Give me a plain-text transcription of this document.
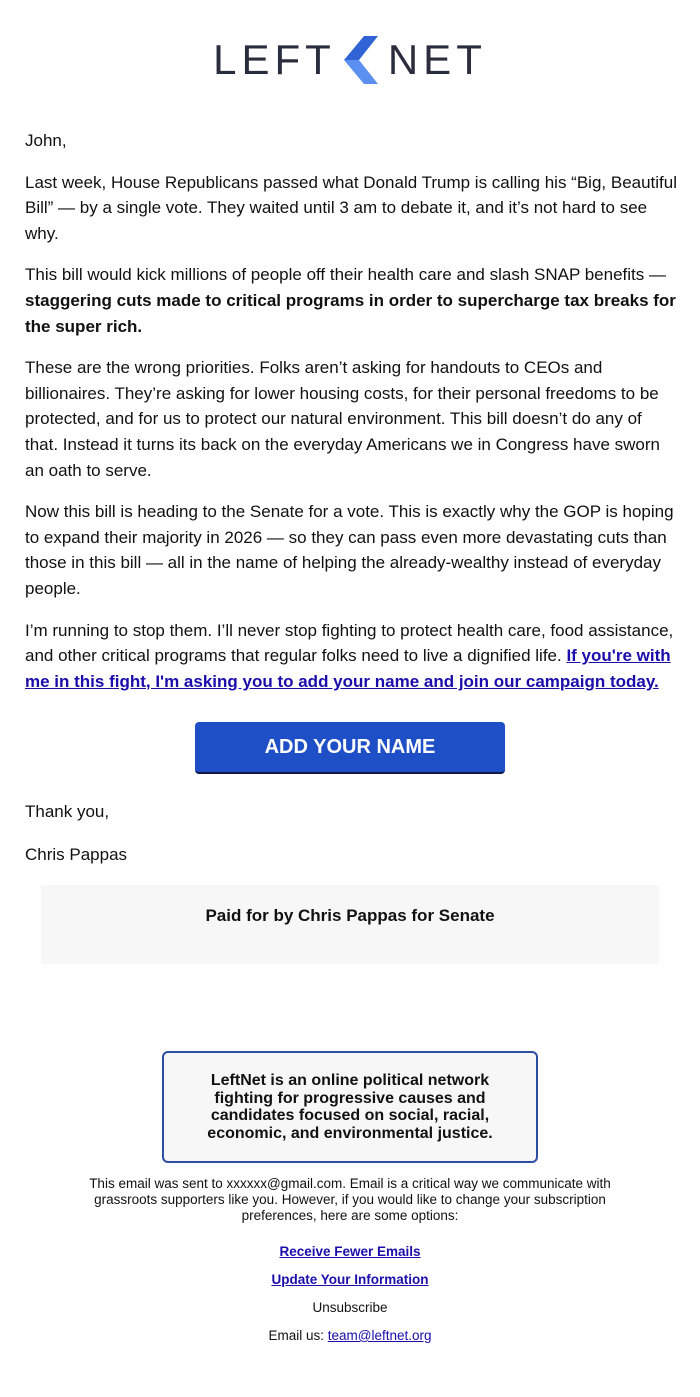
LEFT NET

John,

Last week, House Republicans passed what Donald Trump is calling his “Big, Beautiful Bill” — by a single vote. They waited until 3 am to debate it, and it’s not hard to see why.

This bill would kick millions of people off their health care and slash SNAP benefits — staggering cuts made to critical programs in order to supercharge tax breaks for the super rich.

These are the wrong priorities. Folks aren’t asking for handouts to CEOs and billionaires. They’re asking for lower housing costs, for their personal freedoms to be protected, and for us to protect our natural environment. This bill doesn’t do any of that. Instead it turns its back on the everyday Americans we in Congress have sworn an oath to serve.

Now this bill is heading to the Senate for a vote. This is exactly why the GOP is hoping to expand their majority in 2026 — so they can pass even more devastating cuts than those in this bill — all in the name of helping the already-wealthy instead of everyday people.

I’m running to stop them. I’ll never stop fighting to protect health care, food assistance, and other critical programs that regular folks need to live a dignified life. If you're with me in this fight, I'm asking you to add your name and join our campaign today.

ADD YOUR NAME
Thank you,
Chris Pappas
Paid for by Chris Pappas for Senate
LeftNet is an online political network fighting for progressive causes and candidates focused on social, racial, economic, and environmental justice.

This email was sent to xxxxxx@gmail.com. Email is a critical way we communicate with grassroots supporters like you. However, if you would like to change your subscription preferences, here are some options:

Receive Fewer Emails
Update Your Information
Unsubscribe
Email us: team@leftnet.org
